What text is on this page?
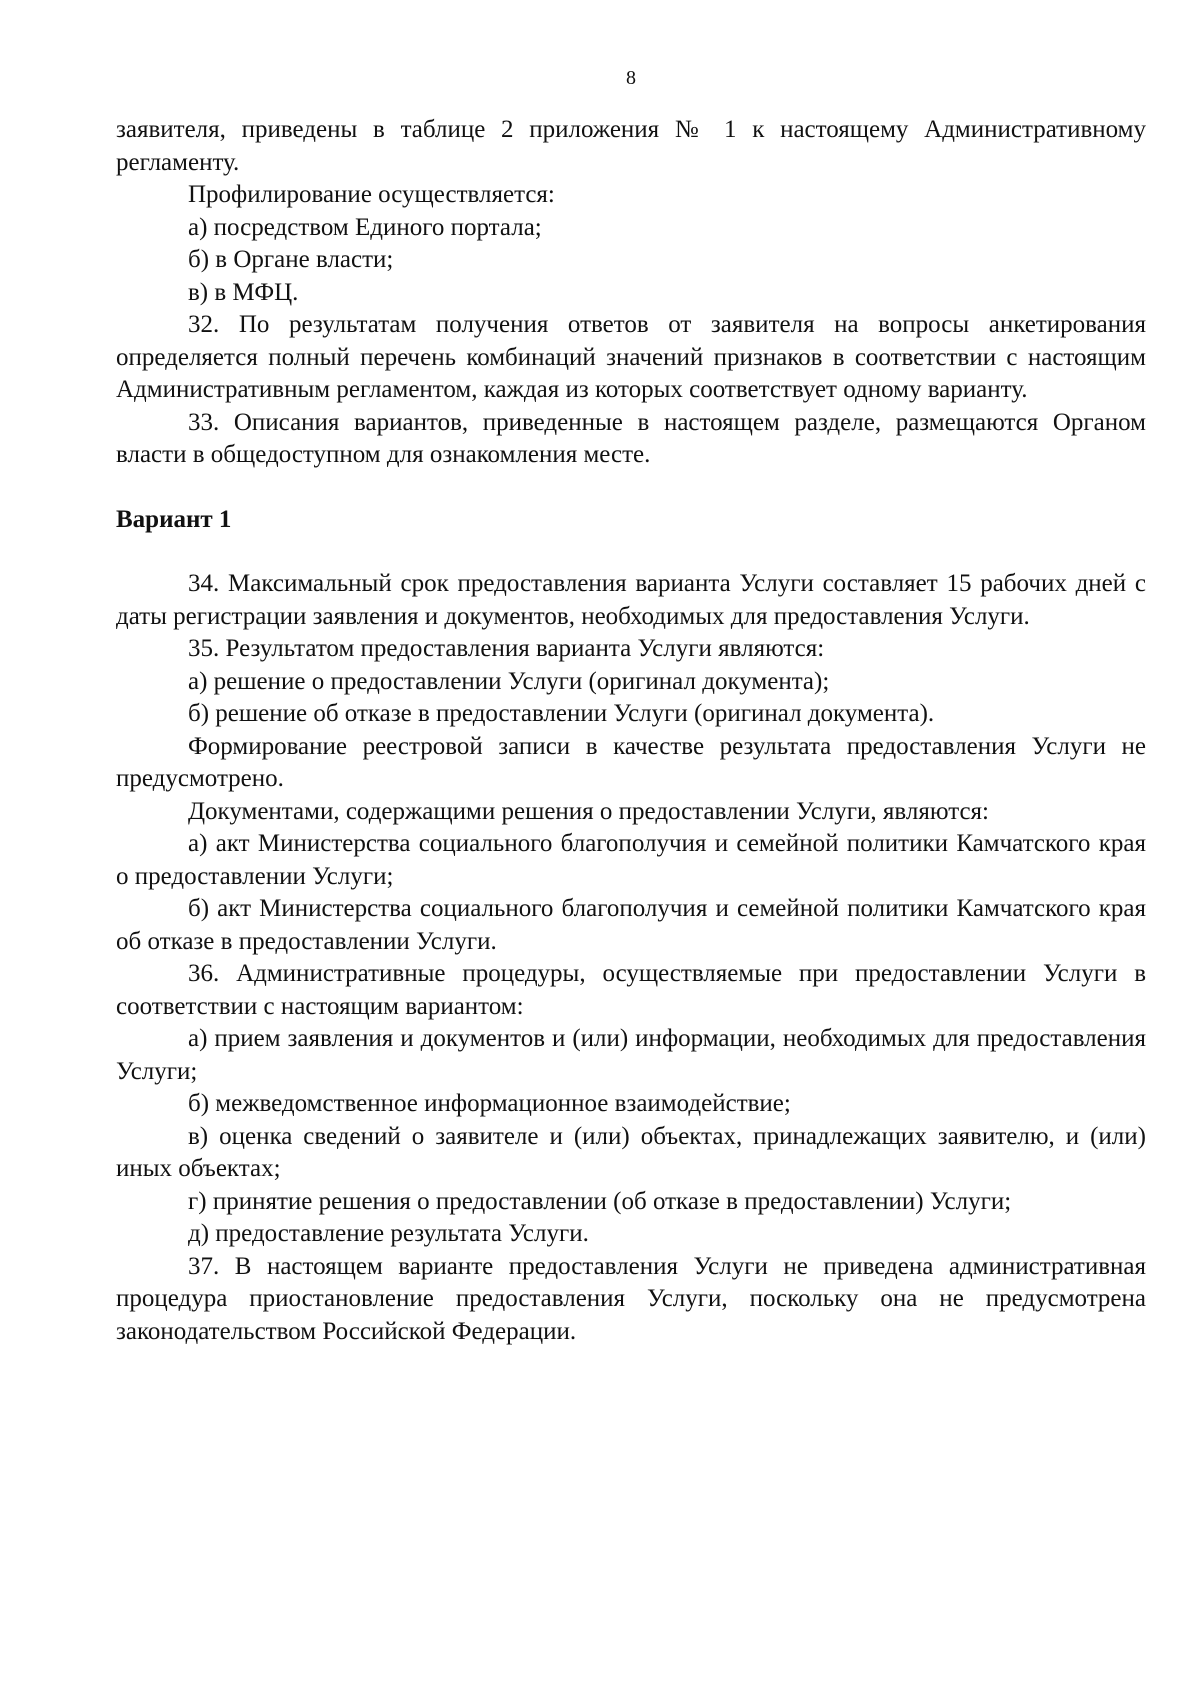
8

заявителя, приведены в таблице 2 приложения № 1 к настоящему Административному регламенту.

Профилирование осуществляется:

а) посредством Единого портала;

б) в Органе власти;

в) в МФЦ.

32. По результатам получения ответов от заявителя на вопросы анкетирования определяется полный перечень комбинаций значений признаков в соответствии с настоящим Административным регламентом, каждая из которых соответствует одному варианту.

33. Описания вариантов, приведенные в настоящем разделе, размещаются Органом власти в общедоступном для ознакомления месте.

Вариант 1

34. Максимальный срок предоставления варианта Услуги составляет 15 рабочих дней с даты регистрации заявления и документов, необходимых для предоставления Услуги.

35. Результатом предоставления варианта Услуги являются:

а) решение о предоставлении Услуги (оригинал документа);

б) решение об отказе в предоставлении Услуги (оригинал документа).

Формирование реестровой записи в качестве результата предоставления Услуги не предусмотрено.

Документами, содержащими решения о предоставлении Услуги, являются:

а) акт Министерства социального благополучия и семейной политики Камчатского края о предоставлении Услуги;

б) акт Министерства социального благополучия и семейной политики Камчатского края об отказе в предоставлении Услуги.

36. Административные процедуры, осуществляемые при предоставлении Услуги в соответствии с настоящим вариантом:

а) прием заявления и документов и (или) информации, необходимых для предоставления Услуги;

б) межведомственное информационное взаимодействие;

в) оценка сведений о заявителе и (или) объектах, принадлежащих заявителю, и (или) иных объектах;

г) принятие решения о предоставлении (об отказе в предоставлении) Услуги;

д) предоставление результата Услуги.

37. В настоящем варианте предоставления Услуги не приведена административная процедура приостановление предоставления Услуги, поскольку она не предусмотрена законодательством Российской Федерации.
